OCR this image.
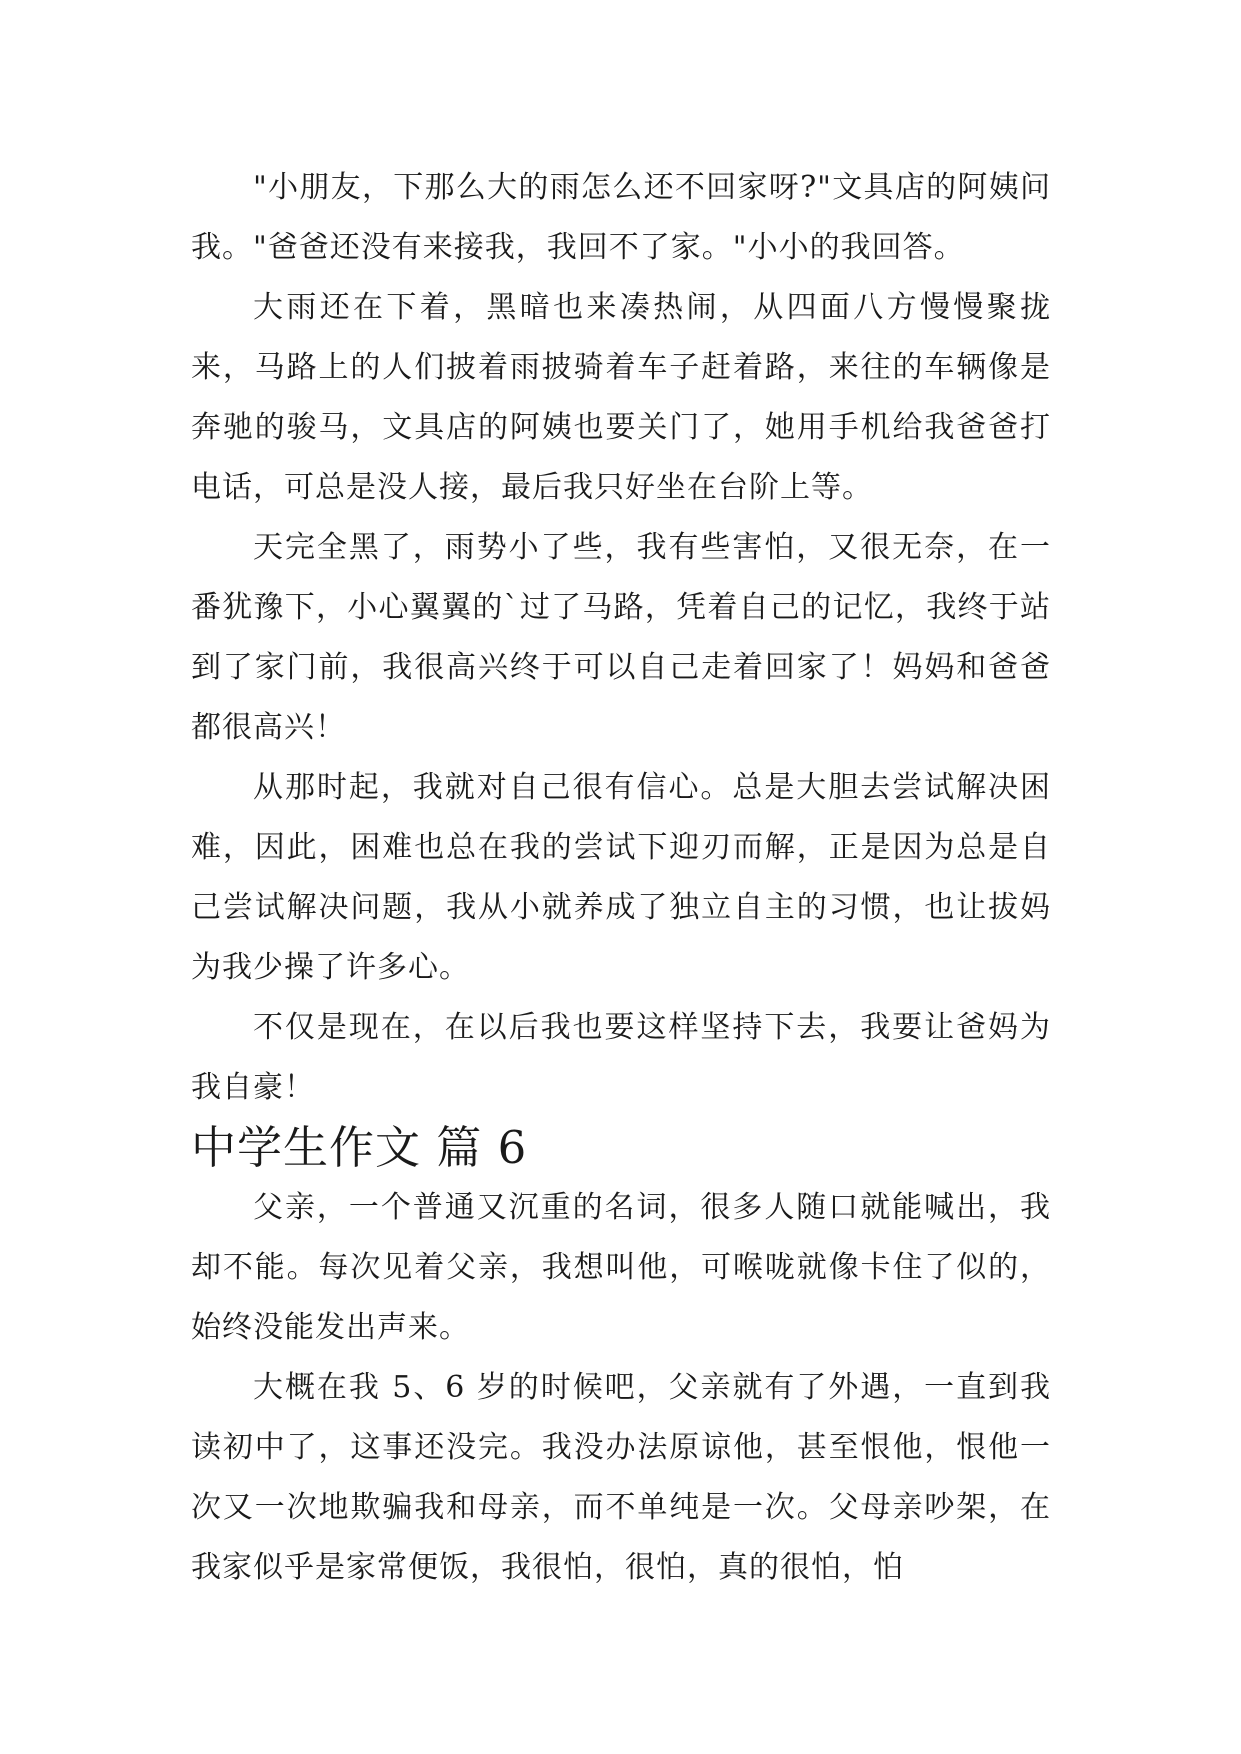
"小朋友，下那么大的雨怎么还不回家呀?"文具店的阿姨问我。"爸爸还没有来接我，我回不了家。"小小的我回答。

大雨还在下着，黑暗也来凑热闹，从四面八方慢慢聚拢来，马路上的人们披着雨披骑着车子赶着路，来往的车辆像是奔驰的骏马，文具店的阿姨也要关门了，她用手机给我爸爸打电话，可总是没人接，最后我只好坐在台阶上等。

天完全黑了，雨势小了些，我有些害怕，又很无奈，在一番犹豫下，小心翼翼的`过了马路，凭着自己的记忆，我终于站到了家门前，我很高兴终于可以自己走着回家了！妈妈和爸爸都很高兴！

从那时起，我就对自己很有信心。总是大胆去尝试解决困难，因此，困难也总在我的尝试下迎刃而解，正是因为总是自己尝试解决问题，我从小就养成了独立自主的习惯，也让拔妈为我少操了许多心。

不仅是现在，在以后我也要这样坚持下去，我要让爸妈为我自豪！

中学生作文 篇 6

父亲，一个普通又沉重的名词，很多人随口就能喊出，我却不能。每次见着父亲，我想叫他，可喉咙就像卡住了似的，始终没能发出声来。

大概在我 5、6 岁的时候吧，父亲就有了外遇，一直到我读初中了，这事还没完。我没办法原谅他，甚至恨他，恨他一次又一次地欺骗我和母亲，而不单纯是一次。父母亲吵架，在我家似乎是家常便饭，我很怕，很怕，真的很怕，怕
